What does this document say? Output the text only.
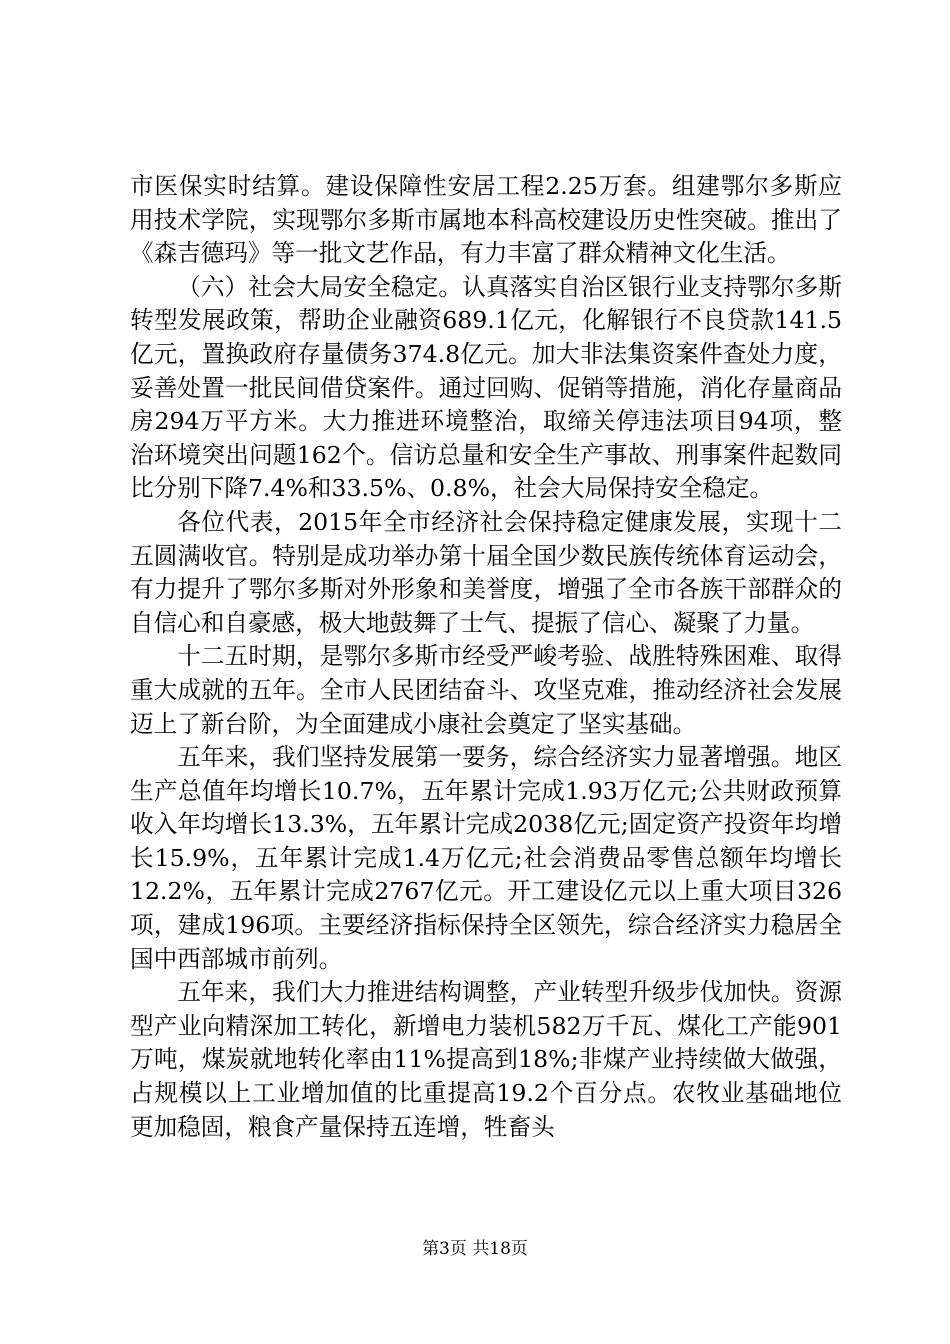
市医保实时结算。建设保障性安居工程2.25万套。组建鄂尔多斯应用技术学院，实现鄂尔多斯市属地本科高校建设历史性突破。推出了《森吉德玛》等一批文艺作品，有力丰富了群众精神文化生活。

（六）社会大局安全稳定。认真落实自治区银行业支持鄂尔多斯转型发展政策，帮助企业融资689.1亿元，化解银行不良贷款141.5亿元，置换政府存量债务374.8亿元。加大非法集资案件查处力度，妥善处置一批民间借贷案件。通过回购、促销等措施，消化存量商品房294万平方米。大力推进环境整治，取缔关停违法项目94项，整治环境突出问题162个。信访总量和安全生产事故、刑事案件起数同比分别下降7.4%和33.5%、0.8%，社会大局保持安全稳定。

各位代表，2015年全市经济社会保持稳定健康发展，实现十二五圆满收官。特别是成功举办第十届全国少数民族传统体育运动会，有力提升了鄂尔多斯对外形象和美誉度，增强了全市各族干部群众的自信心和自豪感，极大地鼓舞了士气、提振了信心、凝聚了力量。

十二五时期，是鄂尔多斯市经受严峻考验、战胜特殊困难、取得重大成就的五年。全市人民团结奋斗、攻坚克难，推动经济社会发展迈上了新台阶，为全面建成小康社会奠定了坚实基础。

五年来，我们坚持发展第一要务，综合经济实力显著增强。地区生产总值年均增长10.7%，五年累计完成1.93万亿元;公共财政预算收入年均增长13.3%，五年累计完成2038亿元;固定资产投资年均增长15.9%，五年累计完成1.4万亿元;社会消费品零售总额年均增长12.2%，五年累计完成2767亿元。开工建设亿元以上重大项目326项，建成196项。主要经济指标保持全区领先，综合经济实力稳居全国中西部城市前列。

五年来，我们大力推进结构调整，产业转型升级步伐加快。资源型产业向精深加工转化，新增电力装机582万千瓦、煤化工产能901万吨，煤炭就地转化率由11%提高到18%;非煤产业持续做大做强，占规模以上工业增加值的比重提高19.2个百分点。农牧业基础地位更加稳固，粮食产量保持五连增，牲畜头

第3页 共18页
